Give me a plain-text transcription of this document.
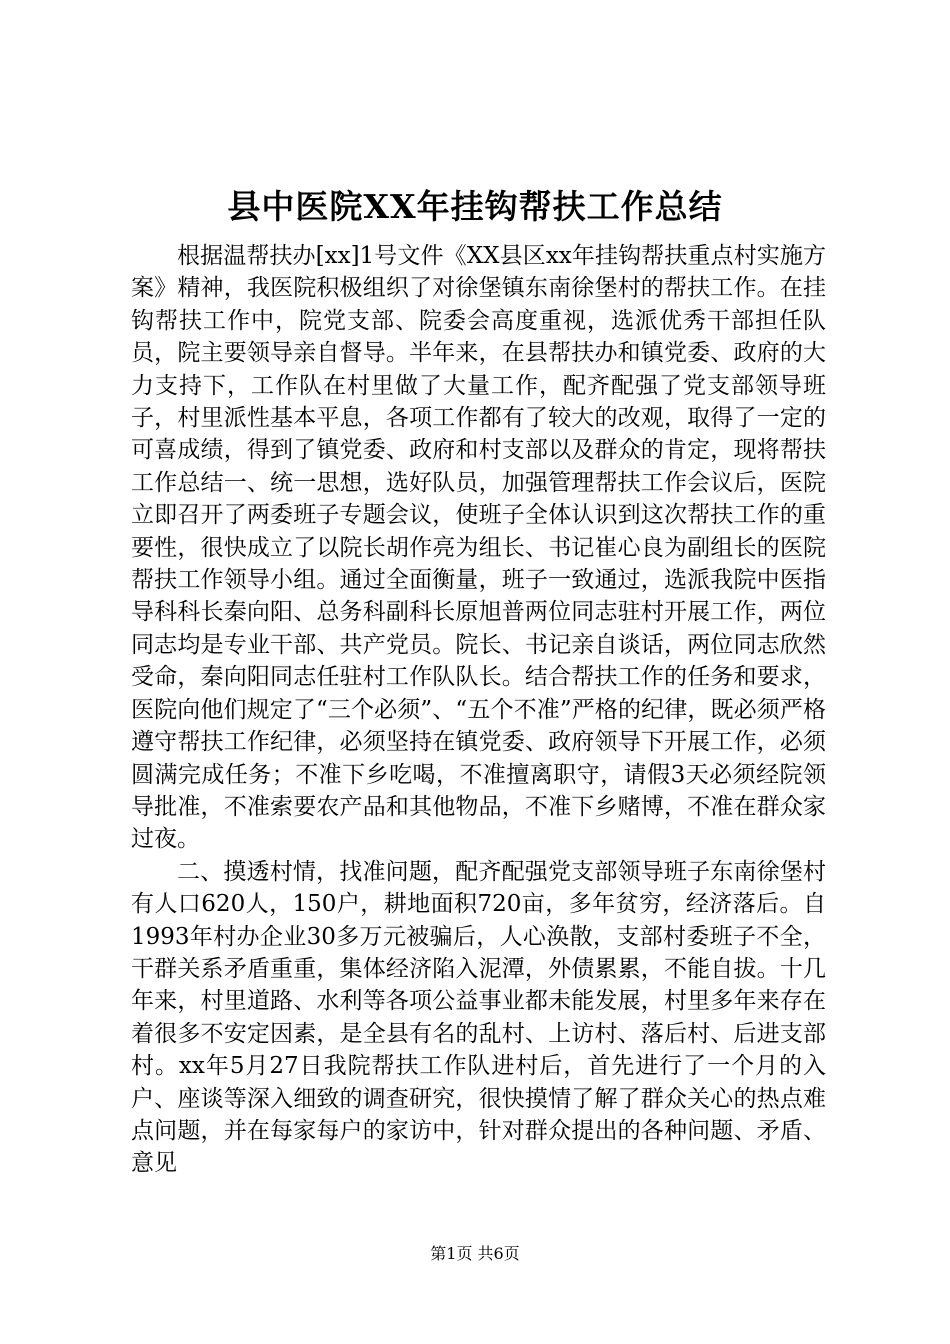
县中医院XX年挂钩帮扶工作总结

根据温帮扶办[xx]1号文件《XX县区xx年挂钩帮扶重点村实施方案》精神，我医院积极组织了对徐堡镇东南徐堡村的帮扶工作。在挂钩帮扶工作中，院党支部、院委会高度重视，选派优秀干部担任队员，院主要领导亲自督导。半年来，在县帮扶办和镇党委、政府的大力支持下，工作队在村里做了大量工作，配齐配强了党支部领导班子，村里派性基本平息，各项工作都有了较大的改观，取得了一定的可喜成绩，得到了镇党委、政府和村支部以及群众的肯定，现将帮扶工作总结一、统一思想，选好队员，加强管理帮扶工作会议后，医院立即召开了两委班子专题会议，使班子全体认识到这次帮扶工作的重要性，很快成立了以院长胡作亮为组长、书记崔心良为副组长的医院帮扶工作领导小组。通过全面衡量，班子一致通过，选派我院中医指导科科长秦向阳、总务科副科长原旭普两位同志驻村开展工作，两位同志均是专业干部、共产党员。院长、书记亲自谈话，两位同志欣然受命，秦向阳同志任驻村工作队队长。结合帮扶工作的任务和要求，医院向他们规定了“三个必须”、“五个不准”严格的纪律，既必须严格遵守帮扶工作纪律，必须坚持在镇党委、政府领导下开展工作，必须圆满完成任务；不准下乡吃喝，不准擅离职守，请假3天必须经院领导批准，不准索要农产品和其他物品，不准下乡赌博，不准在群众家过夜。

二、摸透村情，找准问题，配齐配强党支部领导班子东南徐堡村有人口620人，150户，耕地面积720亩，多年贫穷，经济落后。自1993年村办企业30多万元被骗后，人心涣散，支部村委班子不全，干群关系矛盾重重，集体经济陷入泥潭，外债累累，不能自拔。十几年来，村里道路、水利等各项公益事业都未能发展，村里多年来存在着很多不安定因素，是全县有名的乱村、上访村、落后村、后进支部村。xx年5月27日我院帮扶工作队进村后，首先进行了一个月的入户、座谈等深入细致的调查研究，很快摸情了解了群众关心的热点难点问题，并在每家每户的家访中，针对群众提出的各种问题、矛盾、意见

第1页 共6页
